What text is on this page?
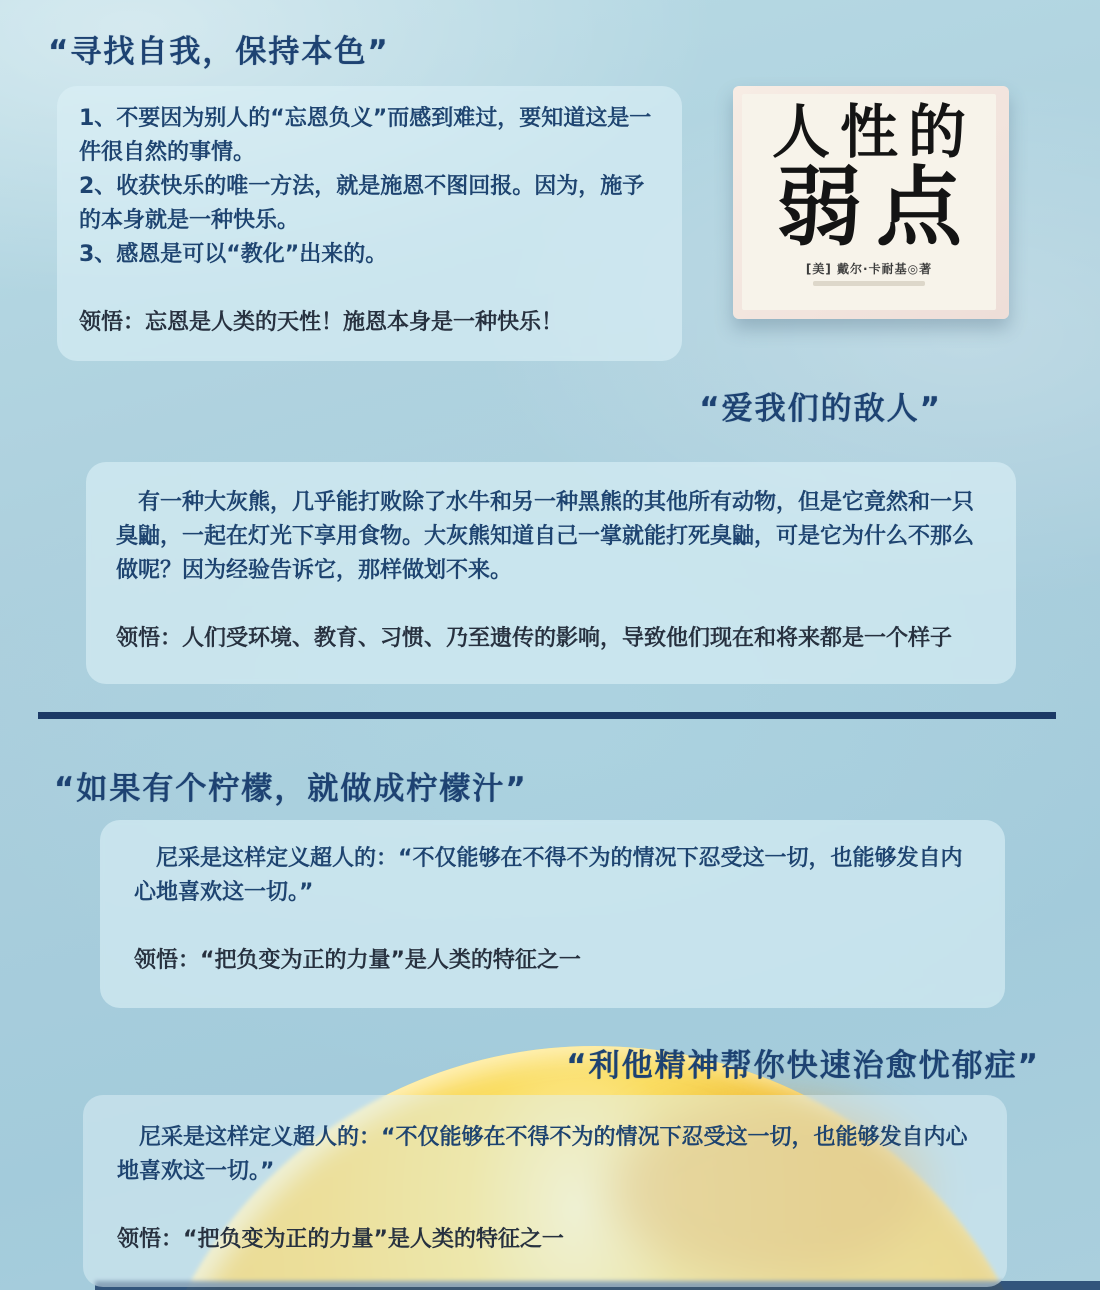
“寻找自我，保持本色”

1、不要因为别人的“忘恩负义”而感到难过，要知道这是一件很自然的事情。

2、收获快乐的唯一方法，就是施恩不图回报。因为，施予的本身就是一种快乐。

3、感恩是可以“教化”出来的。

领悟：忘恩是人类的天性！施恩本身是一种快乐！

人性的
弱点
[美] 戴尔·卡耐基◎著
“爱我们的敌人”

有一种大灰熊，几乎能打败除了水牛和另一种黑熊的其他所有动物，但是它竟然和一只臭鼬，一起在灯光下享用食物。大灰熊知道自己一掌就能打死臭鼬，可是它为什么不那么做呢？因为经验告诉它，那样做划不来。

领悟：人们受环境、教育、习惯、乃至遗传的影响，导致他们现在和将来都是一个样子

“如果有个柠檬，就做成柠檬汁”

尼采是这样定义超人的：“不仅能够在不得不为的情况下忍受这一切，也能够发自内心地喜欢这一切。”

领悟：“把负变为正的力量”是人类的特征之一

“利他精神帮你快速治愈忧郁症”

尼采是这样定义超人的：“不仅能够在不得不为的情况下忍受这一切，也能够发自内心地喜欢这一切。”

领悟：“把负变为正的力量”是人类的特征之一
